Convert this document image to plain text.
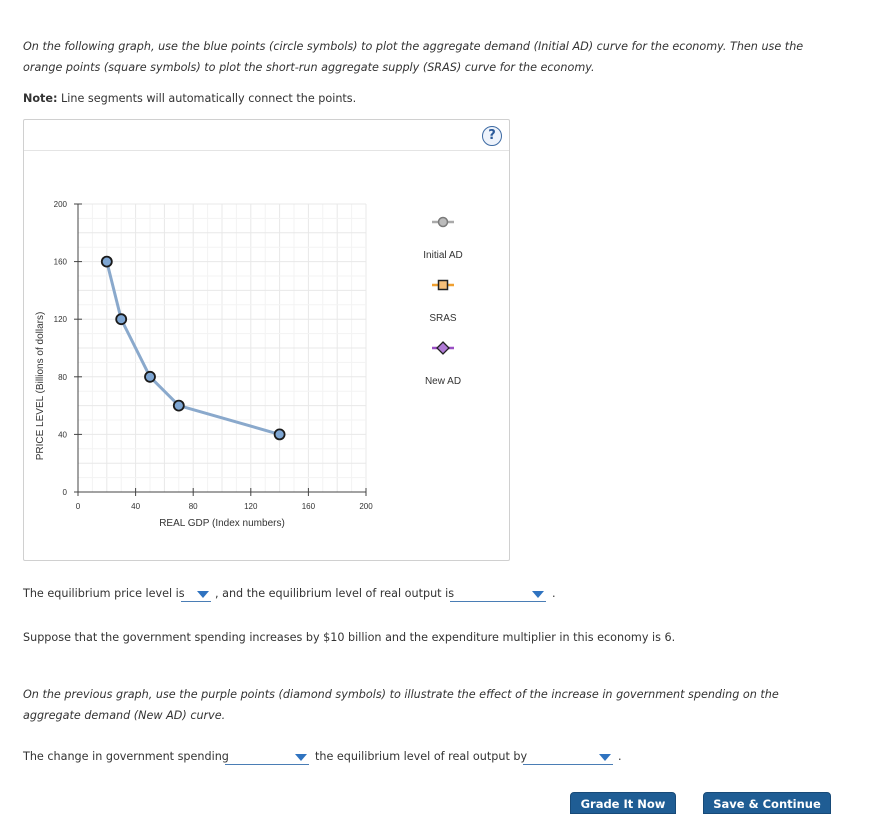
On the following graph, use the blue points (circle symbols) to plot the aggregate demand (Initial AD) curve for the economy. Then use the orange points (square symbols) to plot the short-run aggregate supply (SRAS) curve for the economy.
Note: Line segments will automatically connect the points.
?
0	40	80	120	160	200
0
40
80
120
160
200
REAL GDP (Index numbers)
PRICE LEVEL (Billions of dollars)
Initial AD
SRAS
New AD
The equilibrium price level is	, and the equilibrium level of real output is	.
Suppose that the government spending increases by $10 billion and the expenditure multiplier in this economy is 6.
On the previous graph, use the purple points (diamond symbols) to illustrate the effect of the increase in government spending on the aggregate demand (New AD) curve.
The change in government spending	the equilibrium level of real output by	.
Grade It Now	Save & Continue
